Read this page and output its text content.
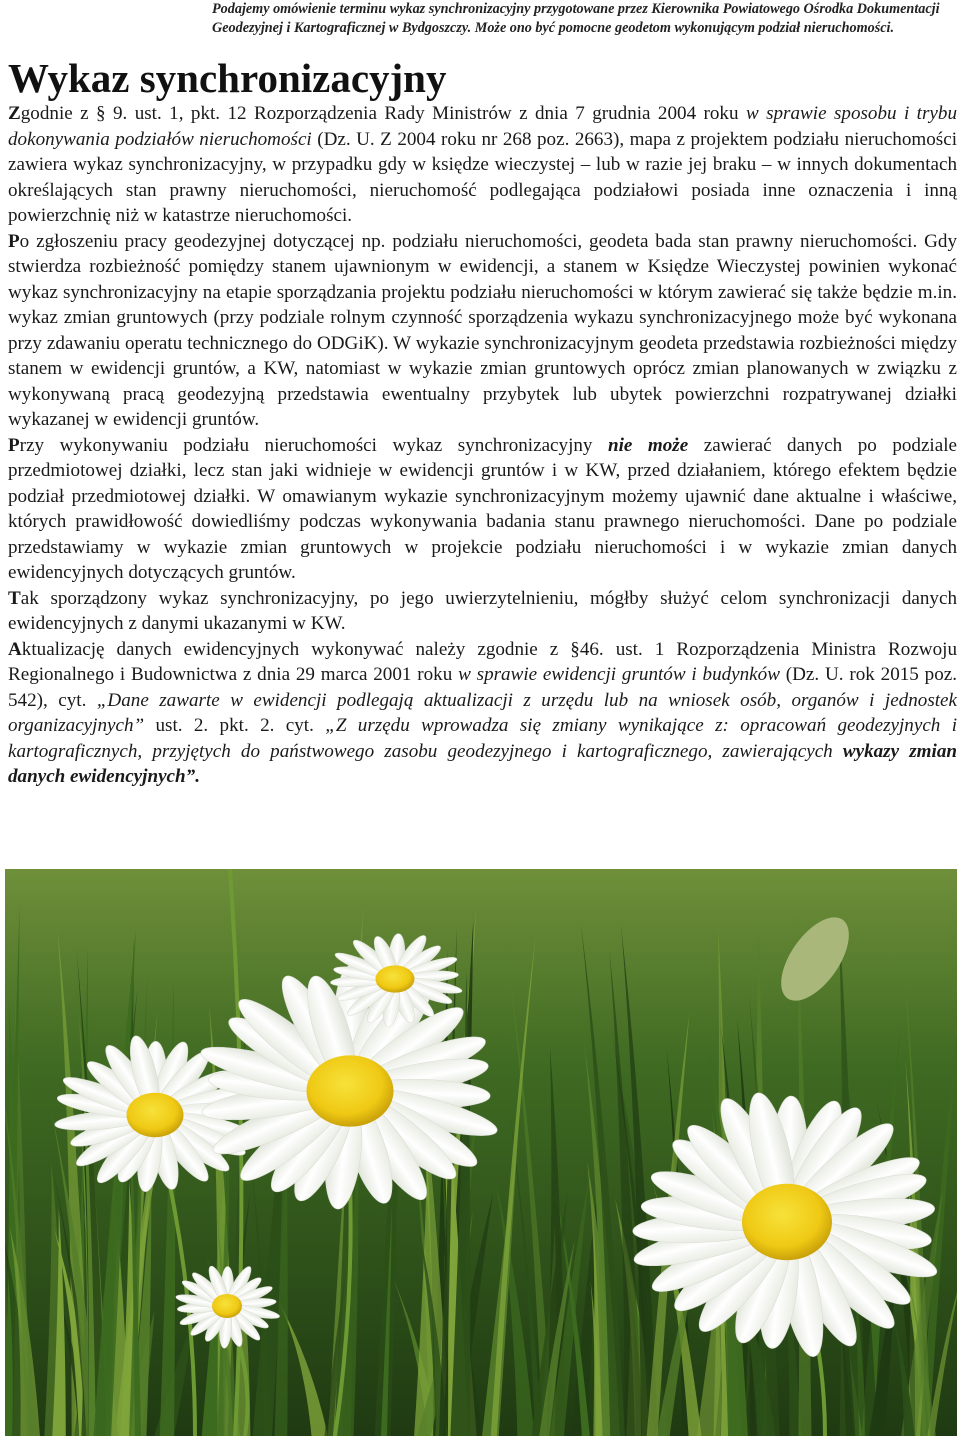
Podajemy omówienie terminu wykaz synchronizacyjny przygotowane przez Kierownika Powiatowego Ośrodka Dokumentacji Geodezyjnej i Kartograficznej w Bydgoszczy. Może ono być pomocne geodetom wykonującym podział nieruchomości.
Wykaz synchronizacyjny

Zgodnie z § 9. ust. 1, pkt. 12 Rozporządzenia Rady Ministrów z dnia 7 grudnia 2004 roku w sprawie sposobu i trybu dokonywania podziałów nieruchomości (Dz. U. Z 2004 roku nr 268 poz. 2663), mapa z projektem podziału nieruchomości zawiera wykaz synchronizacyjny, w przypadku gdy w księdze wieczystej – lub w razie jej braku – w innych dokumentach określających stan prawny nieruchomości, nieruchomość podlegająca podziałowi posiada inne oznaczenia i inną powierzchnię niż w katastrze nieruchomości.

Po zgłoszeniu pracy geodezyjnej dotyczącej np. podziału nieruchomości, geodeta bada stan prawny nieruchomości. Gdy stwierdza rozbieżność pomiędzy stanem ujawnionym w ewidencji, a stanem w Księdze Wieczystej powinien wykonać wykaz synchronizacyjny na etapie sporządzania projektu podziału nieruchomości w którym zawierać się także będzie m.in. wykaz zmian gruntowych (przy podziale rolnym czynność sporządzenia wykazu synchronizacyjnego może być wykonana przy zdawaniu operatu technicznego do ODGiK). W wykazie synchronizacyjnym geodeta przedstawia rozbieżności między stanem w ewidencji gruntów, a KW, natomiast w wykazie zmian gruntowych oprócz zmian planowanych w związku z wykonywaną pracą geodezyjną przedstawia ewentualny przybytek lub ubytek powierzchni rozpatrywanej działki wykazanej w ewidencji gruntów.

Przy wykonywaniu podziału nieruchomości wykaz synchronizacyjny nie może zawierać danych po podziale przedmiotowej działki, lecz stan jaki widnieje w ewidencji gruntów i w KW, przed działaniem, którego efektem będzie podział przedmiotowej działki. W omawianym wykazie synchronizacyjnym możemy ujawnić dane aktualne i właściwe, których prawidłowość dowiedliśmy podczas wykonywania badania stanu prawnego nieruchomości. Dane po podziale przedstawiamy w wykazie zmian gruntowych w projekcie podziału nieruchomości i w wykazie zmian danych ewidencyjnych dotyczących gruntów.

Tak sporządzony wykaz synchronizacyjny, po jego uwierzytelnieniu, mógłby służyć celom synchronizacji danych ewidencyjnych z danymi ukazanymi w KW.

Aktualizację danych ewidencyjnych wykonywać należy zgodnie z §46. ust. 1 Rozporządzenia Ministra Rozwoju Regionalnego i Budownictwa z dnia 29 marca 2001 roku w sprawie ewidencji gruntów i budynków (Dz. U. rok 2015 poz. 542), cyt. „Dane zawarte w ewidencji podlegają aktualizacji z urzędu lub na wniosek osób, organów i jednostek organizacyjnych” ust. 2. pkt. 2. cyt. „Z urzędu wprowadza się zmiany wynikające z: opracowań geodezyjnych i kartograficznych, przyjętych do państwowego zasobu geodezyjnego i kartograficznego, zawierających wykazy zmian danych ewidencyjnych”.
